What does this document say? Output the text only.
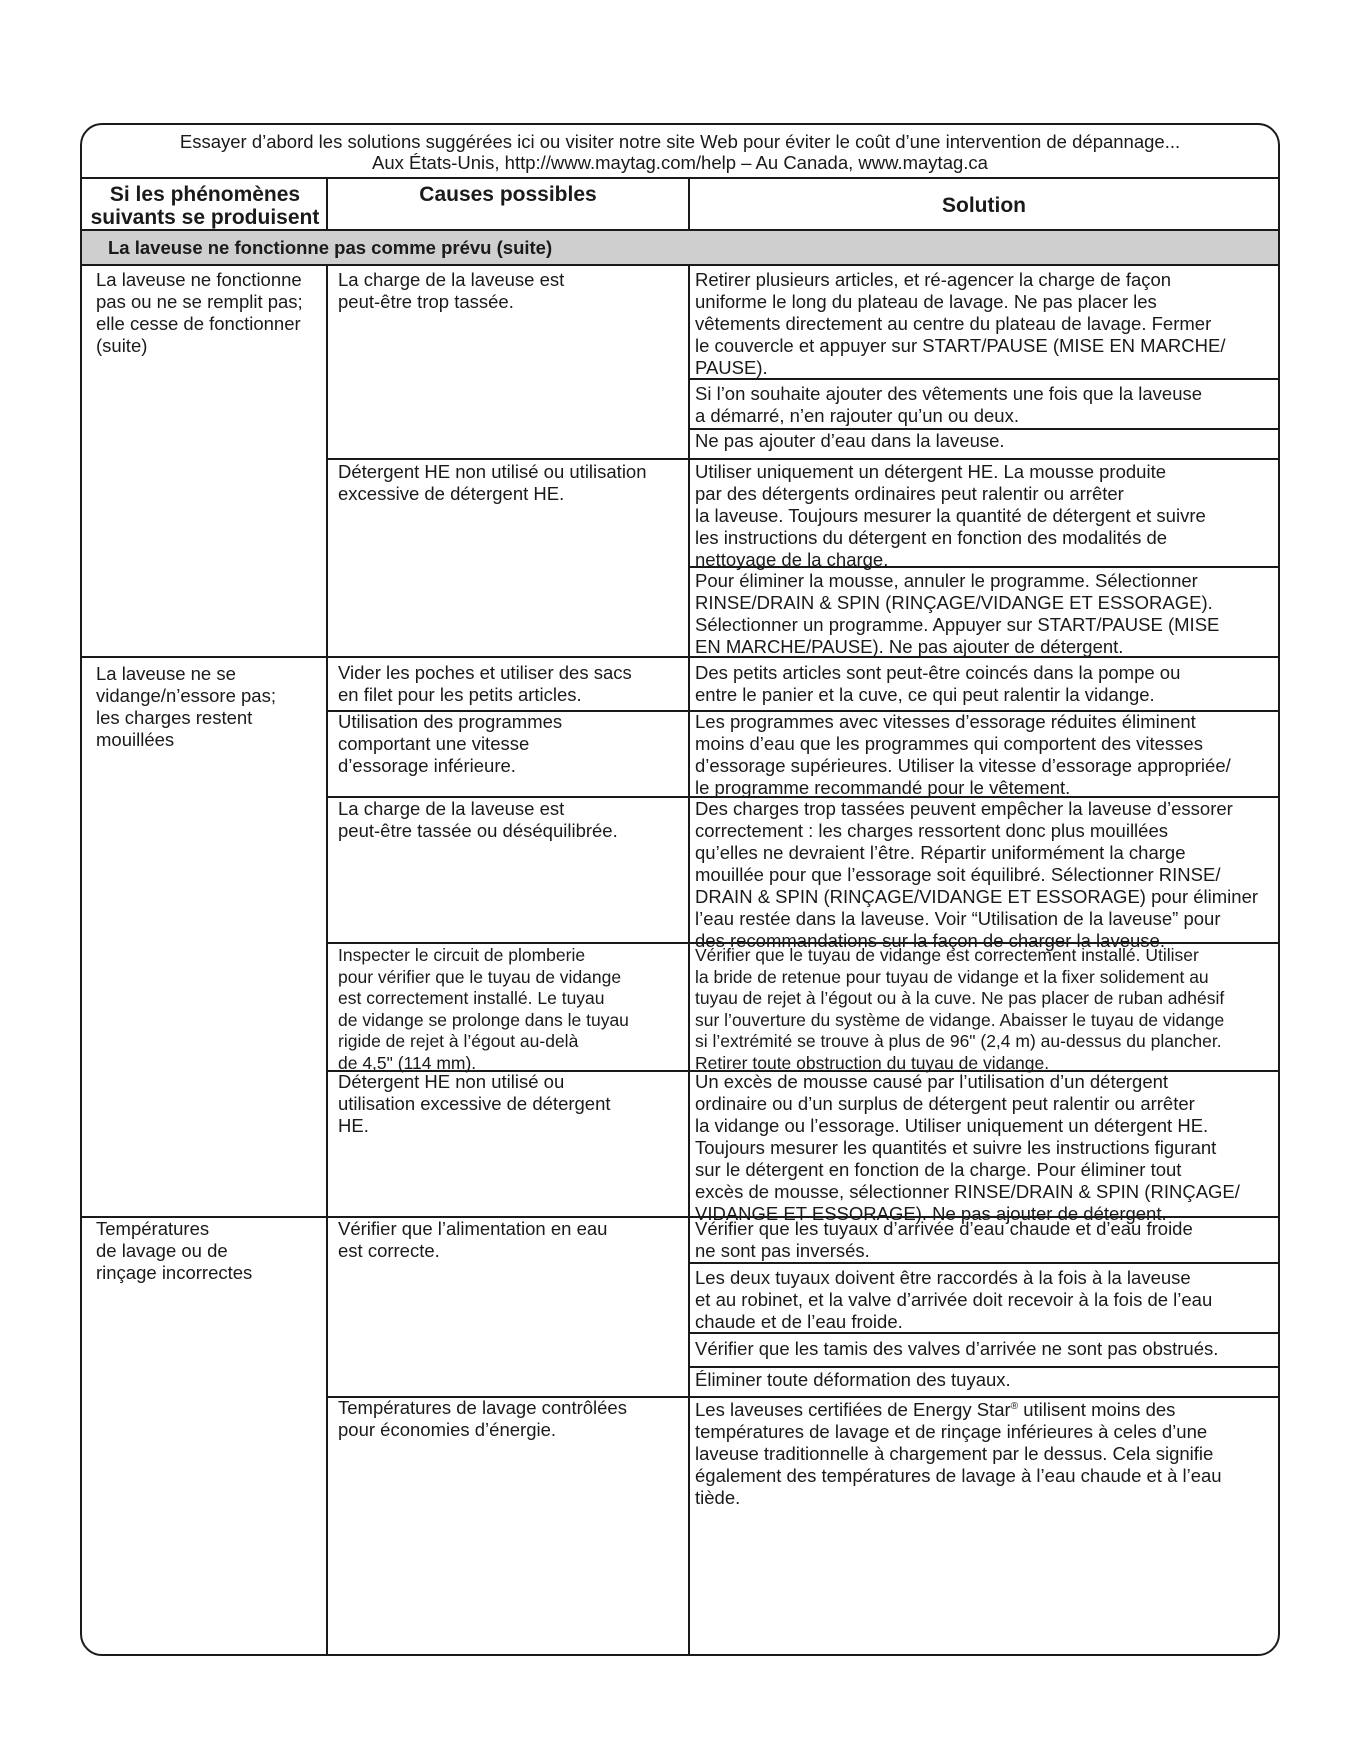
Essayer d’abord les solutions suggérées ici ou visiter notre site Web pour éviter le coût d’une intervention de dépannage...
Aux États-Unis, http://www.maytag.com/help – Au Canada, www.maytag.ca
Si les phénomènes
suivants se produisent
Causes possibles	Solution
La laveuse ne fonctionne pas comme prévu (suite)
La laveuse ne fonctionne
pas ou ne se remplit pas;
elle cesse de fonctionner
(suite)
La laveuse ne se
vidange/n’essore pas;
les charges restent
mouillées
Températures
de lavage ou de
rinçage incorrectes
La charge de la laveuse est
peut-être trop tassée.
Détergent HE non utilisé ou utilisation
excessive de détergent HE.
Vider les poches et utiliser des sacs
en filet pour les petits articles.
Utilisation des programmes
comportant une vitesse
d’essorage inférieure.
La charge de la laveuse est
peut-être tassée ou déséquilibrée.
Inspecter le circuit de plomberie
pour vérifier que le tuyau de vidange
est correctement installé. Le tuyau
de vidange se prolonge dans le tuyau
rigide de rejet à l’égout au-delà
de 4,5" (114 mm).
Détergent HE non utilisé ou
utilisation excessive de détergent
HE.
Vérifier que l’alimentation en eau
est correcte.
Températures de lavage contrôlées
pour économies d’énergie.
Retirer plusieurs articles, et ré-agencer la charge de façon
uniforme le long du plateau de lavage. Ne pas placer les
vêtements directement au centre du plateau de lavage. Fermer
le couvercle et appuyer sur START/PAUSE (MISE EN MARCHE/
PAUSE).
Si l’on souhaite ajouter des vêtements une fois que la laveuse
a démarré, n’en rajouter qu’un ou deux.
Ne pas ajouter d’eau dans la laveuse.
Utiliser uniquement un détergent HE. La mousse produite
par des détergents ordinaires peut ralentir ou arrêter
la laveuse. Toujours mesurer la quantité de détergent et suivre
les instructions du détergent en fonction des modalités de
nettoyage de la charge.
Pour éliminer la mousse, annuler le programme. Sélectionner
RINSE/DRAIN & SPIN (RINÇAGE/VIDANGE ET ESSORAGE).
Sélectionner un programme. Appuyer sur START/PAUSE (MISE
EN MARCHE/PAUSE). Ne pas ajouter de détergent.
Des petits articles sont peut-être coincés dans la pompe ou
entre le panier et la cuve, ce qui peut ralentir la vidange.
Les programmes avec vitesses d’essorage réduites éliminent
moins d’eau que les programmes qui comportent des vitesses
d’essorage supérieures. Utiliser la vitesse d’essorage appropriée/
le programme recommandé pour le vêtement.
Des charges trop tassées peuvent empêcher la laveuse d’essorer
correctement : les charges ressortent donc plus mouillées
qu’elles ne devraient l’être. Répartir uniformément la charge
mouillée pour que l’essorage soit équilibré. Sélectionner RINSE/
DRAIN & SPIN (RINÇAGE/VIDANGE ET ESSORAGE) pour éliminer
l’eau restée dans la laveuse. Voir “Utilisation de la laveuse” pour
des recommandations sur la façon de charger la laveuse.
Vérifier que le tuyau de vidange est correctement installé. Utiliser
la bride de retenue pour tuyau de vidange et la fixer solidement au
tuyau de rejet à l’égout ou à la cuve. Ne pas placer de ruban adhésif
sur l’ouverture du système de vidange. Abaisser le tuyau de vidange
si l’extrémité se trouve à plus de 96" (2,4 m) au-dessus du plancher.
Retirer toute obstruction du tuyau de vidange.
Un excès de mousse causé par l’utilisation d’un détergent
ordinaire ou d’un surplus de détergent peut ralentir ou arrêter
la vidange ou l’essorage. Utiliser uniquement un détergent HE.
Toujours mesurer les quantités et suivre les instructions figurant
sur le détergent en fonction de la charge. Pour éliminer tout
excès de mousse, sélectionner RINSE/DRAIN & SPIN (RINÇAGE/
VIDANGE ET ESSORAGE). Ne pas ajouter de détergent.
Vérifier que les tuyaux d’arrivée d’eau chaude et d’eau froide
ne sont pas inversés.
Les deux tuyaux doivent être raccordés à la fois à la laveuse
et au robinet, et la valve d’arrivée doit recevoir à la fois de l’eau
chaude et de l’eau froide.
Vérifier que les tamis des valves d’arrivée ne sont pas obstrués.
Éliminer toute déformation des tuyaux.
Les laveuses certifiées de Energy Star® utilisent moins des
températures de lavage et de rinçage inférieures à celes d’une
laveuse traditionnelle à chargement par le dessus. Cela signifie
également des températures de lavage à l’eau chaude et à l’eau
tiède.
